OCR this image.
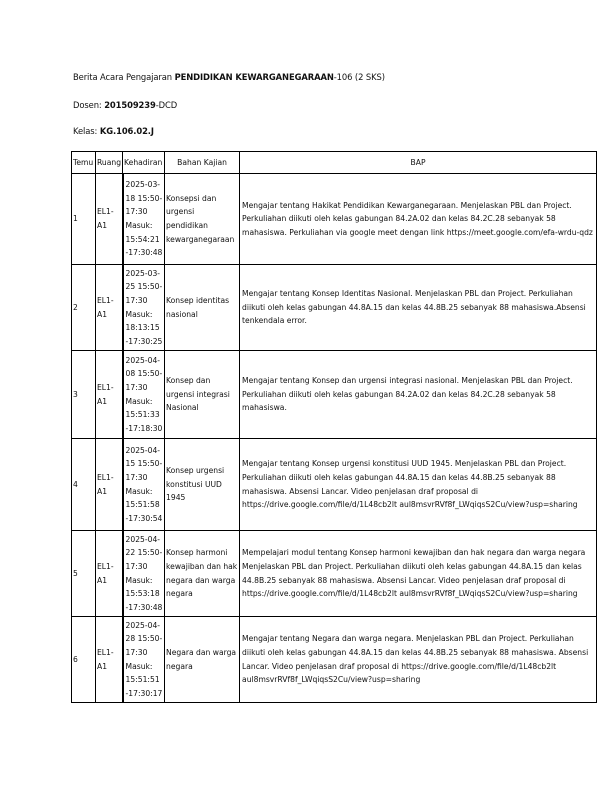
Berita Acara Pengajaran PENDIDIKAN KEWARGANEGARAAN-106 (2 SKS)
Dosen: 201509239-DCD
Kelas: KG.106.02.J
Temu	Ruang	Kehadiran	Bahan Kajian	BAP
1	EL1-A1	2025-03-18 15:50-17:30 Masuk: 15:54:21 -17:30:48	Konsepsi dan urgensi pendidikan kewarganegaraan	Mengajar tentang Hakikat Pendidikan Kewarganegaraan. Menjelaskan PBL dan Project. Perkuliahan diikuti oleh kelas gabungan 84.2A.02 dan kelas 84.2C.28 sebanyak 58 mahasiswa. Perkuliahan via google meet dengan link https://meet.google.com/efa-wrdu-qdz
2	EL1-A1	2025-03-25 15:50-17:30 Masuk: 18:13:15 -17:30:25	Konsep identitas nasional	Mengajar tentang Konsep Identitas Nasional. Menjelaskan PBL dan Project. Perkuliahan diikuti oleh kelas gabungan 44.8A.15 dan kelas 44.8B.25 sebanyak 88 mahasiswa.Absensi tenkendala error.
3	EL1-A1	2025-04-08 15:50-17:30 Masuk: 15:51:33 -17:18:30	Konsep dan urgensi integrasi Nasional	Mengajar tentang Konsep dan urgensi integrasi nasional. Menjelaskan PBL dan Project. Perkuliahan diikuti oleh kelas gabungan 84.2A.02 dan kelas 84.2C.28 sebanyak 58 mahasiswa.
4	EL1-A1	2025-04-15 15:50-17:30 Masuk: 15:51:58 -17:30:54	Konsep urgensi konstitusi UUD 1945	Mengajar tentang Konsep urgensi konstitusi UUD 1945. Menjelaskan PBL dan Project. Perkuliahan diikuti oleh kelas gabungan 44.8A.15 dan kelas 44.8B.25 sebanyak 88 mahasiswa. Absensi Lancar. Video penjelasan draf proposal di https://drive.google.com/file/d/1L48cb2lt aul8msvrRVf8f_LWqiqsS2Cu/view?usp=sharing
5	EL1-A1	2025-04-22 15:50-17:30 Masuk: 15:53:18 -17:30:48	Konsep harmoni kewajiban dan hak negara dan warga negara	Mempelajari modul tentang Konsep harmoni kewajiban dan hak negara dan warga negara Menjelaskan PBL dan Project. Perkuliahan diikuti oleh kelas gabungan 44.8A.15 dan kelas 44.8B.25 sebanyak 88 mahasiswa. Absensi Lancar. Video penjelasan draf proposal di https://drive.google.com/file/d/1L48cb2lt aul8msvrRVf8f_LWqiqsS2Cu/view?usp=sharing
6	EL1-A1	2025-04-28 15:50-17:30 Masuk: 15:51:51 -17:30:17	Negara dan warga negara	Mengajar tentang Negara dan warga negara. Menjelaskan PBL dan Project. Perkuliahan diikuti oleh kelas gabungan 44.8A.15 dan kelas 44.8B.25 sebanyak 88 mahasiswa. Absensi Lancar. Video penjelasan draf proposal di https://drive.google.com/file/d/1L48cb2lt aul8msvrRVf8f_LWqiqsS2Cu/view?usp=sharing
